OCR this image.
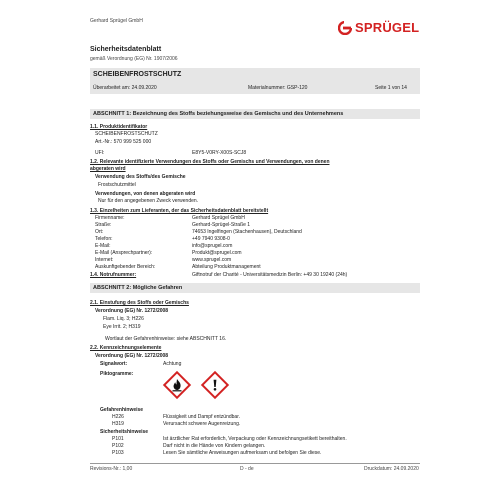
Gerhard Sprügel GmbH	SPRÜGEL
Sicherheitsdatenblatt
gemäß Verordnung (EG) Nr. 1907/2006
SCHEIBENFROSTSCHUTZ
Überarbeitet am: 24.09.2020	Materialnummer: GSP-120	Seite 1 von 14
ABSCHNITT 1: Bezeichnung des Stoffs beziehungsweise des Gemischs und des Unternehmens
1.1. Produktidentifikator
SCHEIBENFROSTSCHUTZ
Art.-Nr.: 570 999 525 000
UFI:	E8Y5-V0RY-X00S-SCJ8
1.2. Relevante identifizierte Verwendungen des Stoffs oder Gemischs und Verwendungen, von denen
abgeraten wird
Verwendung des Stoffs/des Gemische
Frostschutzmittel
Verwendungen, von denen abgeraten wird
Nur für den angegebenen Zweck verwenden.
1.3. Einzelheiten zum Lieferanten, der das Sicherheitsdatenblatt bereitstellt
Firmenname:	Gerhard Sprügel GmbH
Straße:	Gerhard-Sprügel-Straße 1
Ort:	74653 Ingelfingen (Stachenhausen), Deutschland
Telefon:	+49 7940 9308-0
E-Mail:	info@sprugel.com
E-Mail (Ansprechpartner):	Produkt@sprugel.com
Internet:	www.sprugel.com
Auskunftgebender Bereich:	Abteilung Produktmanagement
1.4. Notrufnummer:	Giftnotruf der Charité - Universitätsmedizin Berlin: +49 30 19240 (24h)
ABSCHNITT 2: Mögliche Gefahren
2.1. Einstufung des Stoffs oder Gemischs
Verordnung (EG) Nr. 1272/2008
Flam. Liq. 3; H226
Eye Irrit. 2; H319
Wortlaut der Gefahrenhinweise: siehe ABSCHNITT 16.
2.2. Kennzeichnungselemente
Verordnung (EG) Nr. 1272/2008
Signalwort:	Achtung
Piktogramme:
Gefahrenhinweise
H226	Flüssigkeit und Dampf entzündbar.
H319	Verursacht schwere Augenreizung.
Sicherheitshinweise
P101	Ist ärztlicher Rat erforderlich, Verpackung oder Kennzeichnungsetikett bereithalten.
P102	Darf nicht in die Hände von Kindern gelangen.
P103	Lesen Sie sämtliche Anweisungen aufmerksam und befolgen Sie diese.
Revisions-Nr.: 1,00	D - de	Druckdatum: 24.09.2020
